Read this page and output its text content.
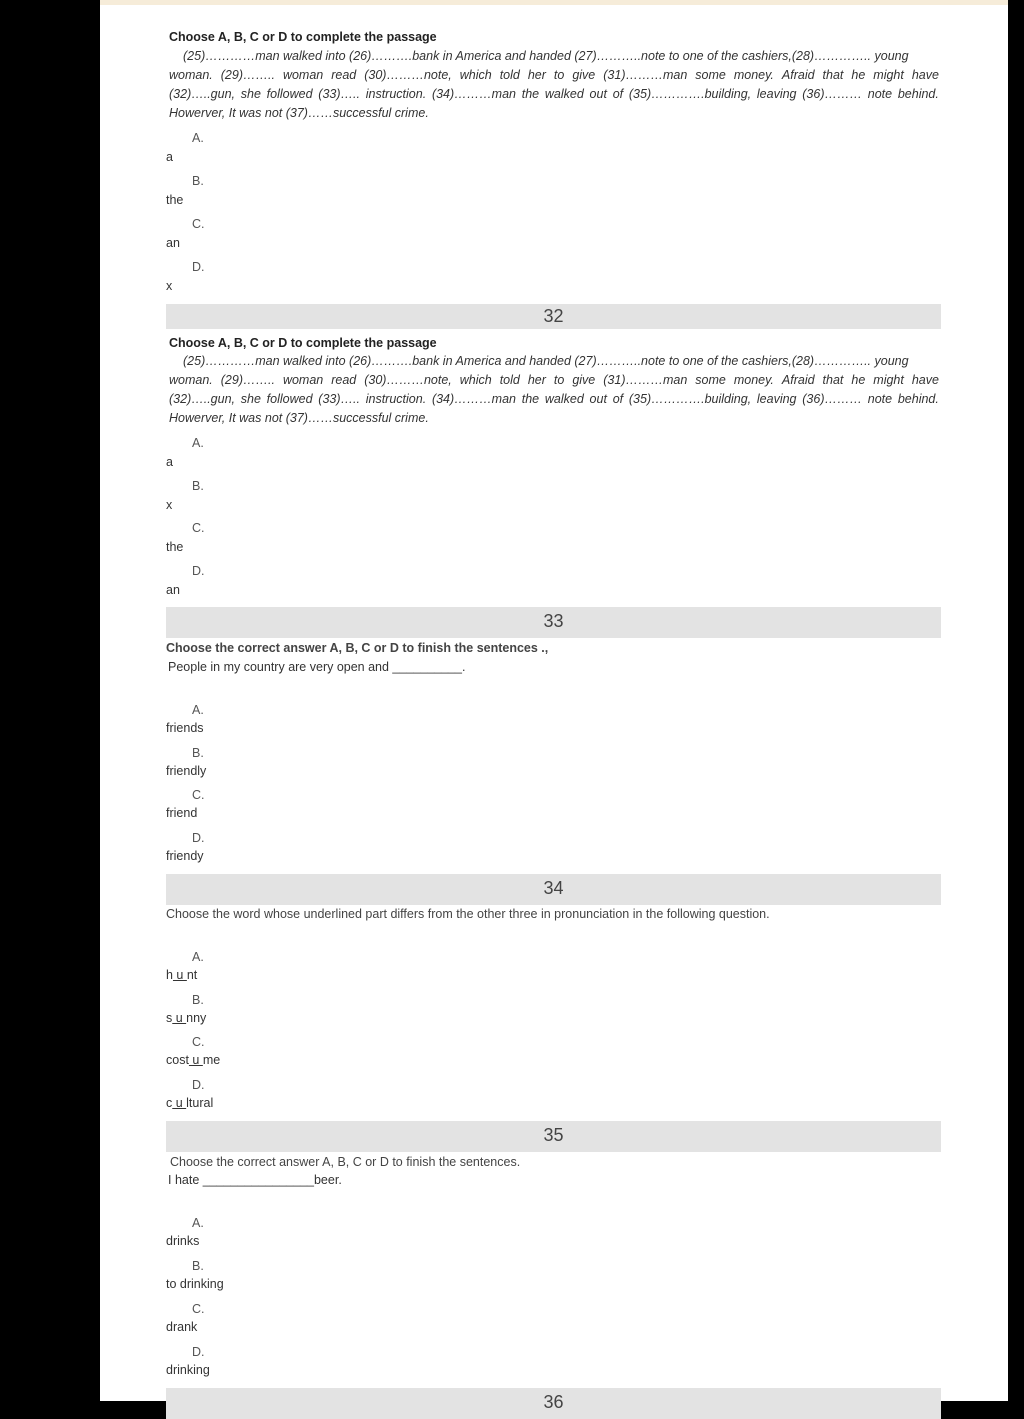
Choose A, B, C or D to complete the passage
(25)…………man walked into (26)……….bank in America and handed (27)………..note to one of the cashiers,(28)………….. young
woman. (29)…….. woman read (30)………note, which told her to give (31)………man some money. Afraid that he might have
(32)…..gun, she followed (33)….. instruction. (34)………man the walked out of (35)………….building, leaving (36)……… note behind.
Howerver, It was not (37)……successful crime.
A.
a
B.
the
C.
an
D.
x
32
Choose A, B, C or D to complete the passage
(25)…………man walked into (26)……….bank in America and handed (27)………..note to one of the cashiers,(28)………….. young
woman. (29)…….. woman read (30)………note, which told her to give (31)………man some money. Afraid that he might have
(32)…..gun, she followed (33)….. instruction. (34)………man the walked out of (35)………….building, leaving (36)……… note behind.
Howerver, It was not (37)……successful crime.
A.
a
B.
x
C.
the
D.
an
33
Choose the correct answer A, B, C or D to finish the sentences .,
People in my country are very open and __________.
A.
friends
B.
friendly
C.
friend
D.
friendy
34
Choose the word whose underlined part differs from the other three in pronunciation in the following question.
A.
h u nt
B.
s u nny
C.
cost u me
D.
c u ltural
35
Choose the correct answer A, B, C or D to finish the sentences.
I hate ________________beer.
A.
drinks
B.
to drinking
C.
drank
D.
drinking
36
